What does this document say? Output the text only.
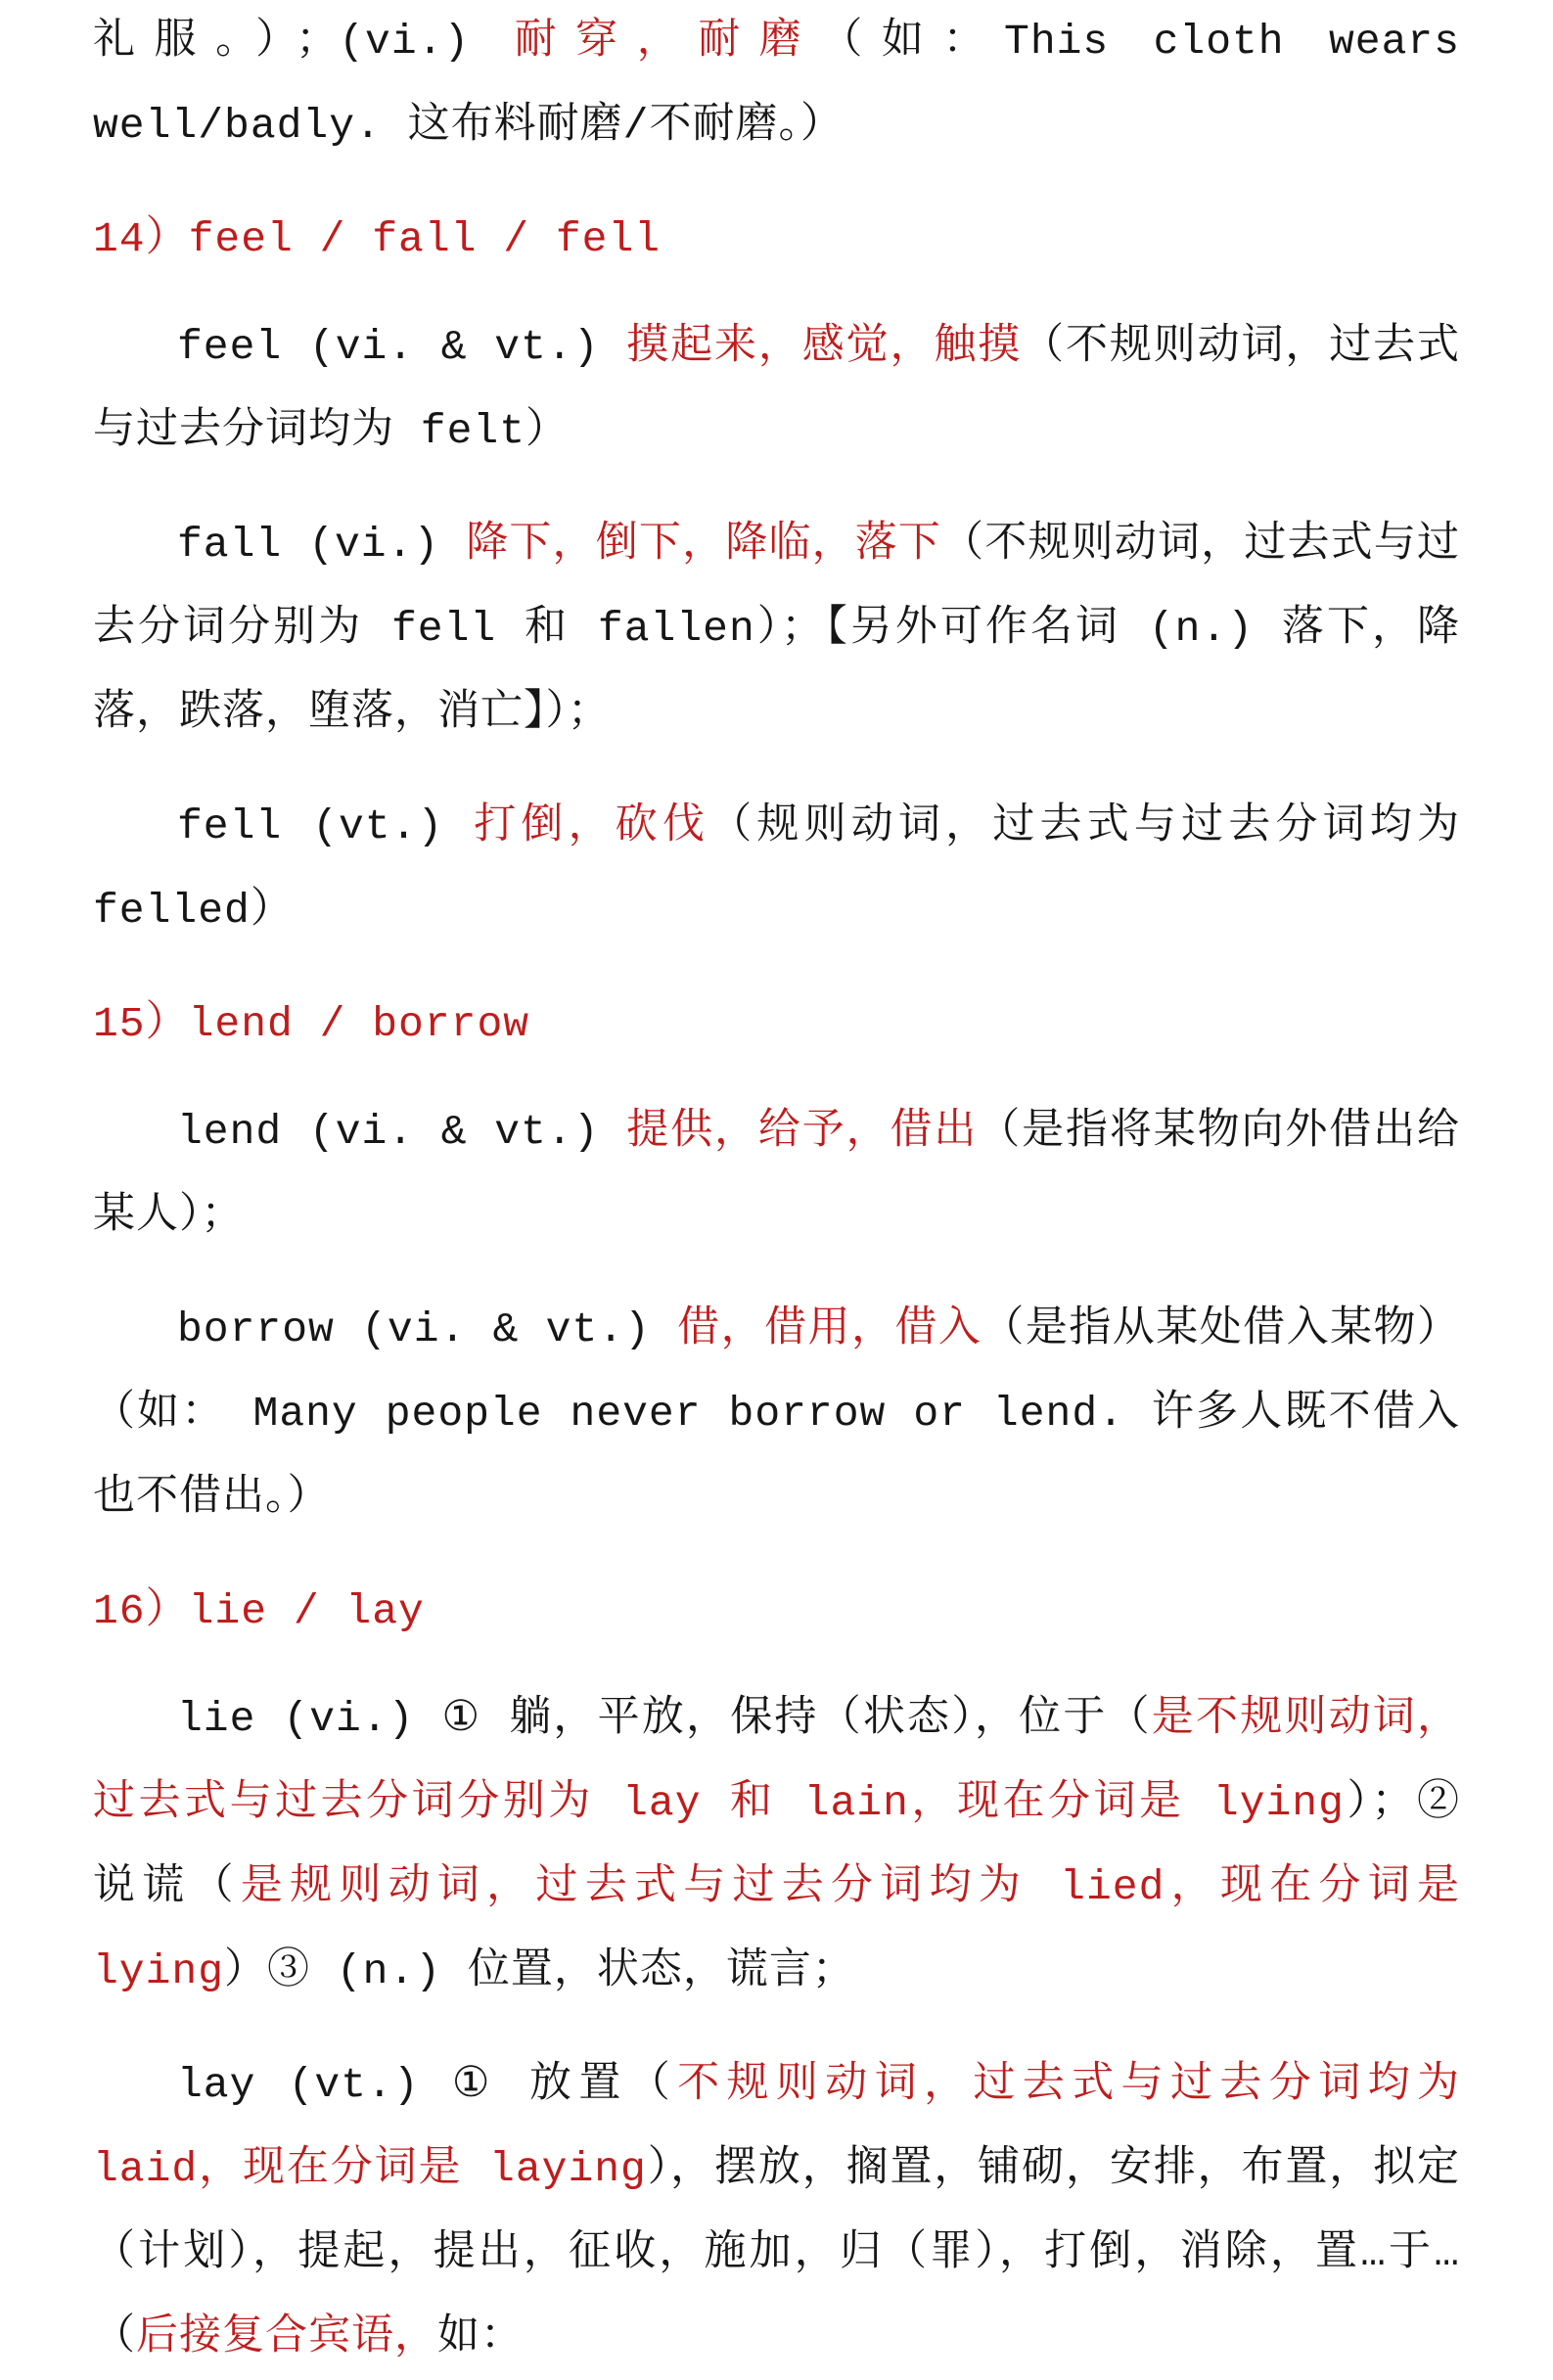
礼服。）；(vi.) 耐穿，耐磨（如：This cloth wears well/badly. 这布料耐磨/不耐磨。）
14）feel / fall / fell
feel (vi. & vt.) 摸起来，感觉，触摸（不规则动词，过去式与过去分词均为 felt）
fall (vi.) 降下，倒下，降临，落下（不规则动词，过去式与过去分词分别为 fell 和 fallen）；【另外可作名词 (n.) 落下，降落，跌落，堕落，消亡】）；
fell (vt.) 打倒，砍伐（规则动词，过去式与过去分词均为 felled）
15）lend / borrow
lend (vi. & vt.) 提供，给予，借出（是指将某物向外借出给某人）；
borrow (vi. & vt.) 借，借用，借入（是指从某处借入某物）（如： Many people never borrow or lend. 许多人既不借入也不借出。）
16）lie / lay
lie (vi.) ① 躺，平放，保持（状态），位于（是不规则动词，过去式与过去分词分别为 lay 和 lain，现在分词是 lying）；② 说谎（是规则动词，过去式与过去分词均为 lied，现在分词是 lying）③ (n.) 位置，状态，谎言；
lay (vt.) ① 放置（不规则动词，过去式与过去分词均为 laid，现在分词是 laying），摆放，搁置，铺砌，安排，布置，拟定（计划），提起，提出，征收，施加，归（罪），打倒，消除，置…于…（后接复合宾语，如：
